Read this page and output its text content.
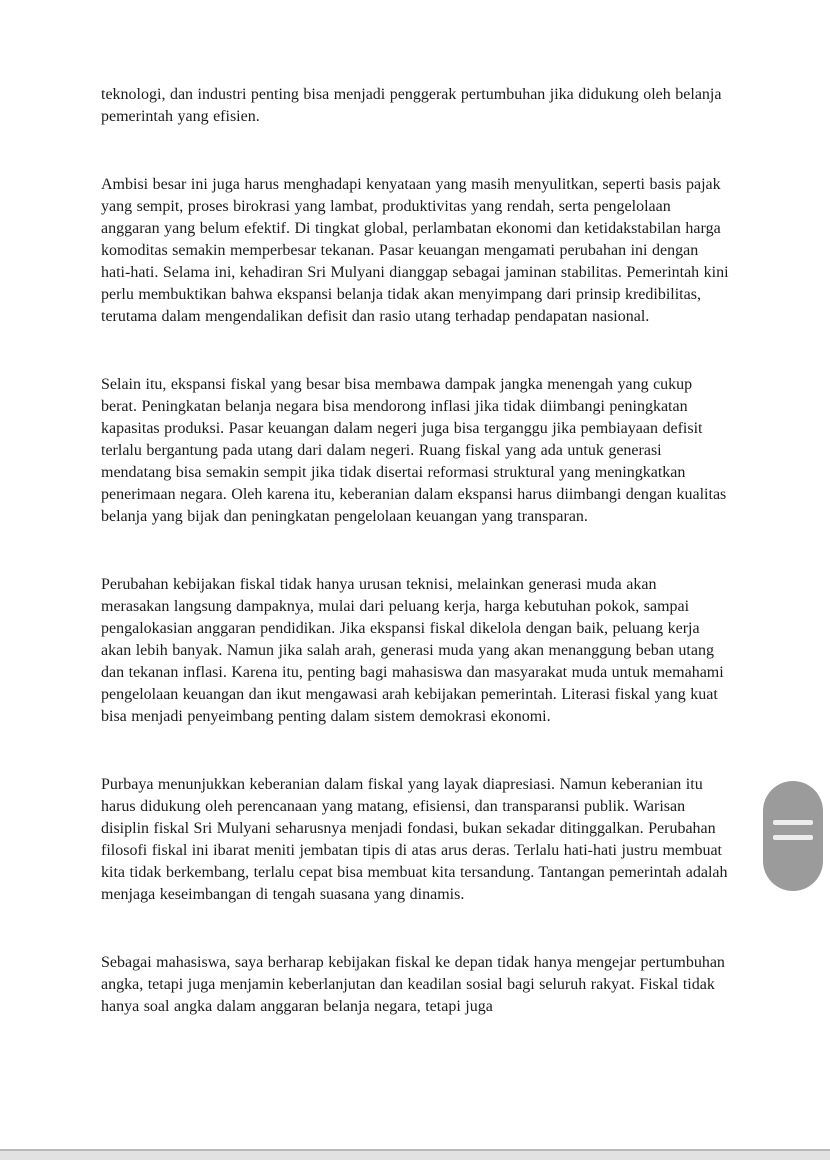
teknologi, dan industri penting bisa menjadi penggerak pertumbuhan jika didukung oleh belanja pemerintah yang efisien.

Ambisi besar ini juga harus menghadapi kenyataan yang masih menyulitkan, seperti basis pajak yang sempit, proses birokrasi yang lambat, produktivitas yang rendah, serta pengelolaan anggaran yang belum efektif. Di tingkat global, perlambatan ekonomi dan ketidakstabilan harga komoditas semakin memperbesar tekanan. Pasar keuangan mengamati perubahan ini dengan hati-hati. Selama ini, kehadiran Sri Mulyani dianggap sebagai jaminan stabilitas. Pemerintah kini perlu membuktikan bahwa ekspansi belanja tidak akan menyimpang dari prinsip kredibilitas, terutama dalam mengendalikan defisit dan rasio utang terhadap pendapatan nasional.

Selain itu, ekspansi fiskal yang besar bisa membawa dampak jangka menengah yang cukup berat. Peningkatan belanja negara bisa mendorong inflasi jika tidak diimbangi peningkatan kapasitas produksi. Pasar keuangan dalam negeri juga bisa terganggu jika pembiayaan defisit terlalu bergantung pada utang dari dalam negeri. Ruang fiskal yang ada untuk generasi mendatang bisa semakin sempit jika tidak disertai reformasi struktural yang meningkatkan penerimaan negara. Oleh karena itu, keberanian dalam ekspansi harus diimbangi dengan kualitas belanja yang bijak dan peningkatan pengelolaan keuangan yang transparan.

Perubahan kebijakan fiskal tidak hanya urusan teknisi, melainkan generasi muda akan merasakan langsung dampaknya, mulai dari peluang kerja, harga kebutuhan pokok, sampai pengalokasian anggaran pendidikan. Jika ekspansi fiskal dikelola dengan baik, peluang kerja akan lebih banyak. Namun jika salah arah, generasi muda yang akan menanggung beban utang dan tekanan inflasi. Karena itu, penting bagi mahasiswa dan masyarakat muda untuk memahami pengelolaan keuangan dan ikut mengawasi arah kebijakan pemerintah. Literasi fiskal yang kuat bisa menjadi penyeimbang penting dalam sistem demokrasi ekonomi.

Purbaya menunjukkan keberanian dalam fiskal yang layak diapresiasi. Namun keberanian itu harus didukung oleh perencanaan yang matang, efisiensi, dan transparansi publik. Warisan disiplin fiskal Sri Mulyani seharusnya menjadi fondasi, bukan sekadar ditinggalkan. Perubahan filosofi fiskal ini ibarat meniti jembatan tipis di atas arus deras. Terlalu hati-hati justru membuat kita tidak berkembang, terlalu cepat bisa membuat kita tersandung. Tantangan pemerintah adalah menjaga keseimbangan di tengah suasana yang dinamis.

Sebagai mahasiswa, saya berharap kebijakan fiskal ke depan tidak hanya mengejar pertumbuhan angka, tetapi juga menjamin keberlanjutan dan keadilan sosial bagi seluruh rakyat. Fiskal tidak hanya soal angka dalam anggaran belanja negara, tetapi juga
